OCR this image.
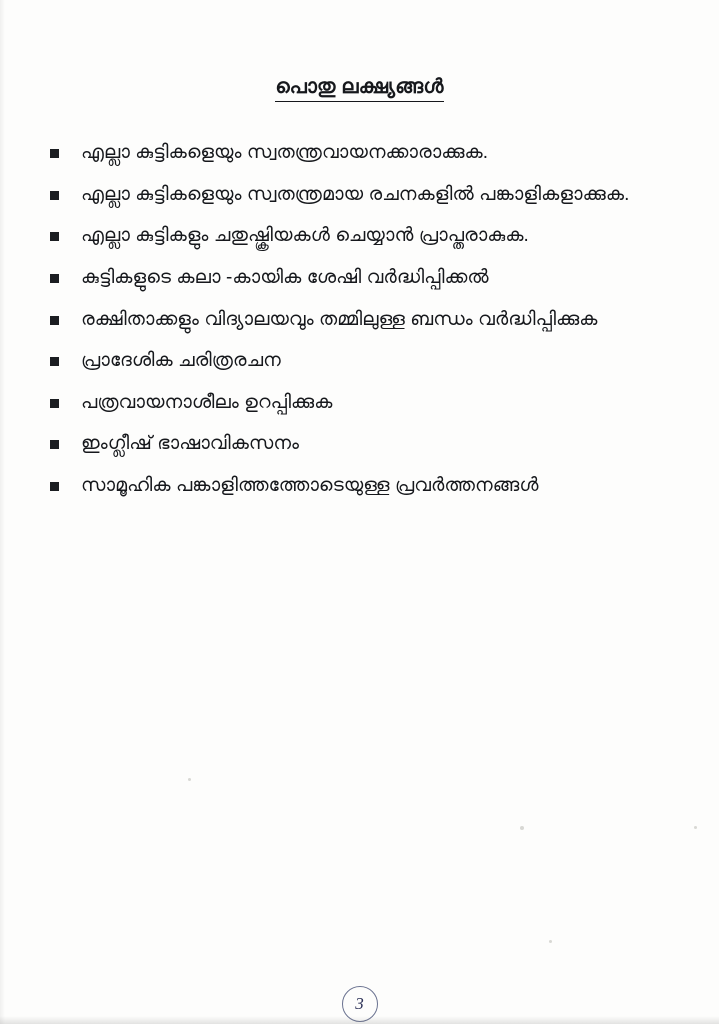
പൊതു ലക്ഷ്യങ്ങൾ
എല്ലാ കുട്ടികളെയും സ്വതന്ത്രവായനക്കാരാക്കുക.
എല്ലാ കുട്ടികളെയും സ്വതന്ത്രമായ രചനകളിൽ പങ്കാളികളാക്കുക.
എല്ലാ കുട്ടികളും ചതുഷ്ക്രിയകൾ ചെയ്യാൻ പ്രാപ്തരാകുക.
കുട്ടികളുടെ കലാ -കായിക ശേഷി വർദ്ധിപ്പിക്കൽ
രക്ഷിതാക്കളും വിദ്യാലയവും തമ്മിലുള്ള ബന്ധം വർദ്ധിപ്പിക്കുക
പ്രാദേശിക ചരിത്രരചന
പത്രവായനാശീലം ഉറപ്പിക്കുക
ഇംഗ്ലീഷ് ഭാഷാവികസനം
സാമൂഹിക പങ്കാളിത്തത്തോടെയുള്ള പ്രവർത്തനങ്ങൾ
3
